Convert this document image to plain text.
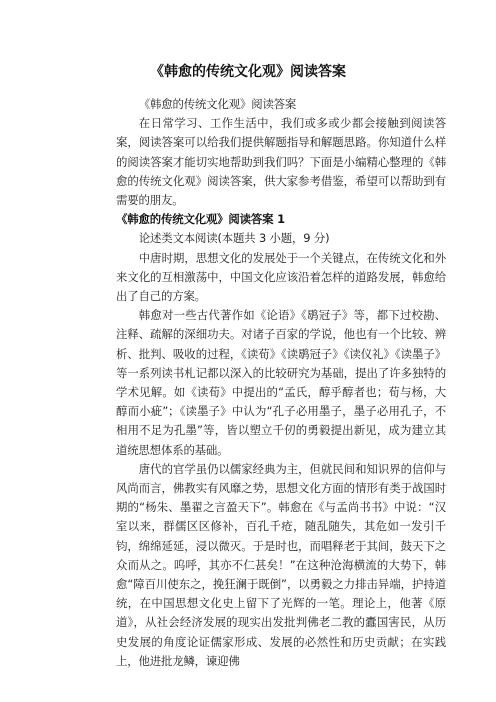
《韩愈的传统文化观》阅读答案

《韩愈的传统文化观》阅读答案

在日常学习、工作生活中，我们或多或少都会接触到阅读答案，阅读答案可以给我们提供解题指导和解题思路。你知道什么样的阅读答案才能切实地帮助到我们吗？下面是小编精心整理的《韩愈的传统文化观》阅读答案，供大家参考借鉴，希望可以帮助到有需要的朋友。

《韩愈的传统文化观》阅读答案 1

论述类文本阅读(本题共 3 小题，9 分)

中唐时期，思想文化的发展处于一个关键点，在传统文化和外来文化的互相激荡中，中国文化应该沿着怎样的道路发展，韩愈给出了自己的方案。

韩愈对一些古代著作如《论语》《鹖冠子》等，都下过校勘、注释、疏解的深细功夫。对诸子百家的学说，他也有一个比较、辨析、批判、吸收的过程，《读荀》《读鹖冠子》《读仪礼》《读墨子》等一系列读书札记都以深入的比较研究为基础，提出了许多独特的学术见解。如《读荀》中提出的“孟氏，醇乎醇者也；荀与杨，大醇而小疵”；《读墨子》中认为“孔子必用墨子，墨子必用孔子，不相用不足为孔墨”等，皆以塑立千仞的勇毅提出新见，成为建立其道统思想体系的基础。

唐代的官学虽仍以儒家经典为主，但就民间和知识界的信仰与风尚而言，佛教实有风靡之势，思想文化方面的情形有类于战国时期的“杨朱、墨翟之言盈天下”。韩愈在《与孟尚书书》中说：“汉室以来，群儒区区修补，百孔千疮，随乱随失，其危如一发引千钧，绵绵延延，浸以微灭。于是时也，而唱释老于其间，鼓天下之众而从之。呜呼，其亦不仁甚矣！”在这种沧海横流的大势下，韩愈“障百川使东之，挽狂澜于既倒”，以勇毅之力排击异端，护持道统，在中国思想文化史上留下了光辉的一笔。理论上，他著《原道》，从社会经济发展的现实出发批判佛老二教的蠹国害民，从历史发展的角度论证儒家形成、发展的必然性和历史贡献；在实践上，他进批龙鳞，谏迎佛
